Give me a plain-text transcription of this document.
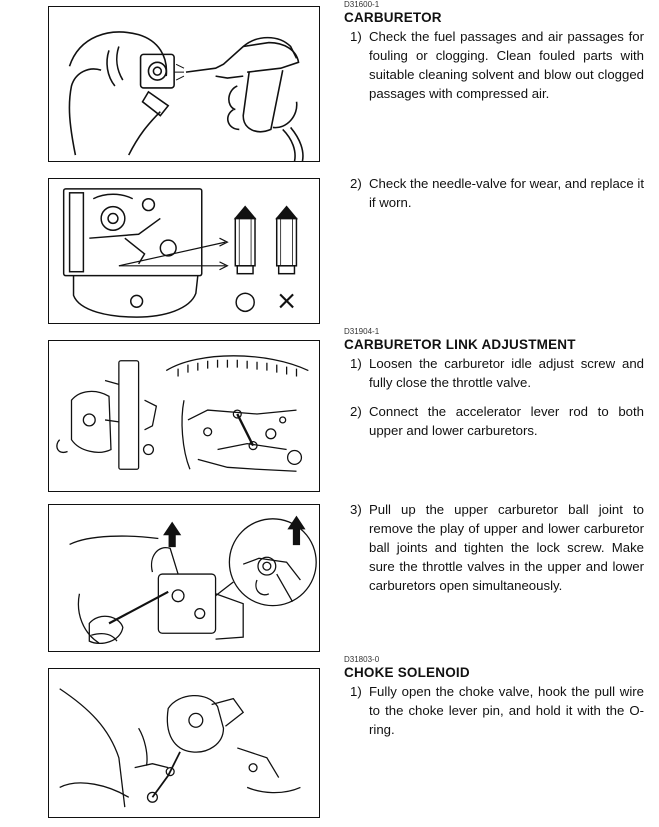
○ ×
D31600-1
CARBURETOR
1) Check the fuel passages and air passages for fouling or clogging. Clean fouled parts with suitable cleaning solvent and blow out clogged passages with compressed air.
2) Check the needle-valve for wear, and replace it if worn.
D31904-1
CARBURETOR LINK ADJUSTMENT
1) Loosen the carburetor idle adjust screw and fully close the throttle valve.
2) Connect the accelerator lever rod to both upper and lower carburetors.
3) Pull up the upper carburetor ball joint to remove the play of upper and lower carburetor ball joints and tighten the lock screw. Make sure the throttle valves in the upper and lower carburetors open simultaneously.
D31803-0
CHOKE SOLENOID
1) Fully open the choke valve, hook the pull wire to the choke lever pin, and hold it with the O-ring.
